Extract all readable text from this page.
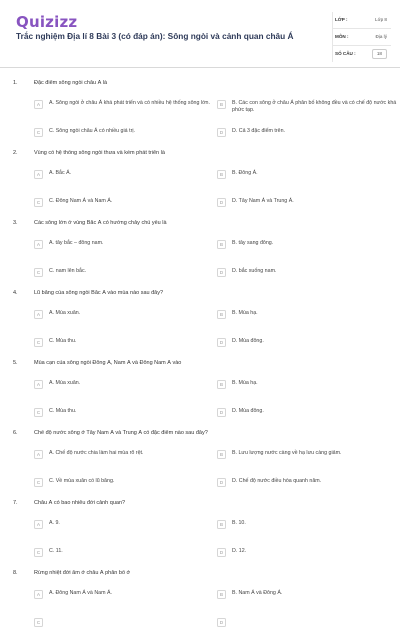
Quizizz
Trắc nghiệm Địa lí 8 Bài 3 (có đáp án): Sông ngòi và cảnh quan châu Á
LỚP :	Lớp 8
MÔN :	Địa lý
SỐ CÂU :	18
1.	Đặc điểm sông ngòi châu Á là
A	A. Sông ngòi ở châu Á khá phát triển và có nhiều hệ thống sông lớn.	B	B. Các con sông ở châu Á phân bố không đều và có chế độ nước khá phức tạp.
C	C. Sông ngòi châu Á có nhiều giá trị.	D	D. Cả 3 đặc điểm trên.
2.	Vùng có hệ thống sông ngòi thưa và kém phát triển là
A	A. Bắc Á.	B	B. Đông Á.
C	C. Đông Nam Á và Nam Á.	D	D. Tây Nam Á và Trung Á.
3.	Các sông lớn ở vùng Bắc Á có hướng chảy chủ yếu là
A	A. tây bắc – đông nam.	B	B. tây sang đông.
C	C. nam lên bắc.	D	D. bắc xuống nam.
4.	Lũ băng của sông ngòi Bắc Á vào mùa nào sau đây?
A	A. Mùa xuân.	B	B. Mùa hạ.
C	C. Mùa thu.	D	D. Mùa đông.
5.	Mùa cạn của sông ngòi Đông Á, Nam Á và Đông Nam Á vào
A	A. Mùa xuân.	B	B. Mùa hạ.
C	C. Mùa thu.	D	D. Mùa đông.
6.	Chế độ nước sông ở Tây Nam Á và Trung Á có đặc điểm nào sau đây?
A	A. Chế độ nước chia làm hai mùa rõ rệt.	B	B. Lưu lượng nước càng về hạ lưu càng giảm.
C	C. Về mùa xuân có lũ băng.	D	D. Chế độ nước điều hòa quanh năm.
7.	Châu Á có bao nhiêu đới cảnh quan?
A	A. 9.	B	B. 10.
C	C. 11.	D	D. 12.
8.	Rừng nhiệt đới ẩm ở châu Á phân bố ở
A	A. Đông Nam Á và Nam Á.	B	B. Nam Á và Đông Á.
C	D
